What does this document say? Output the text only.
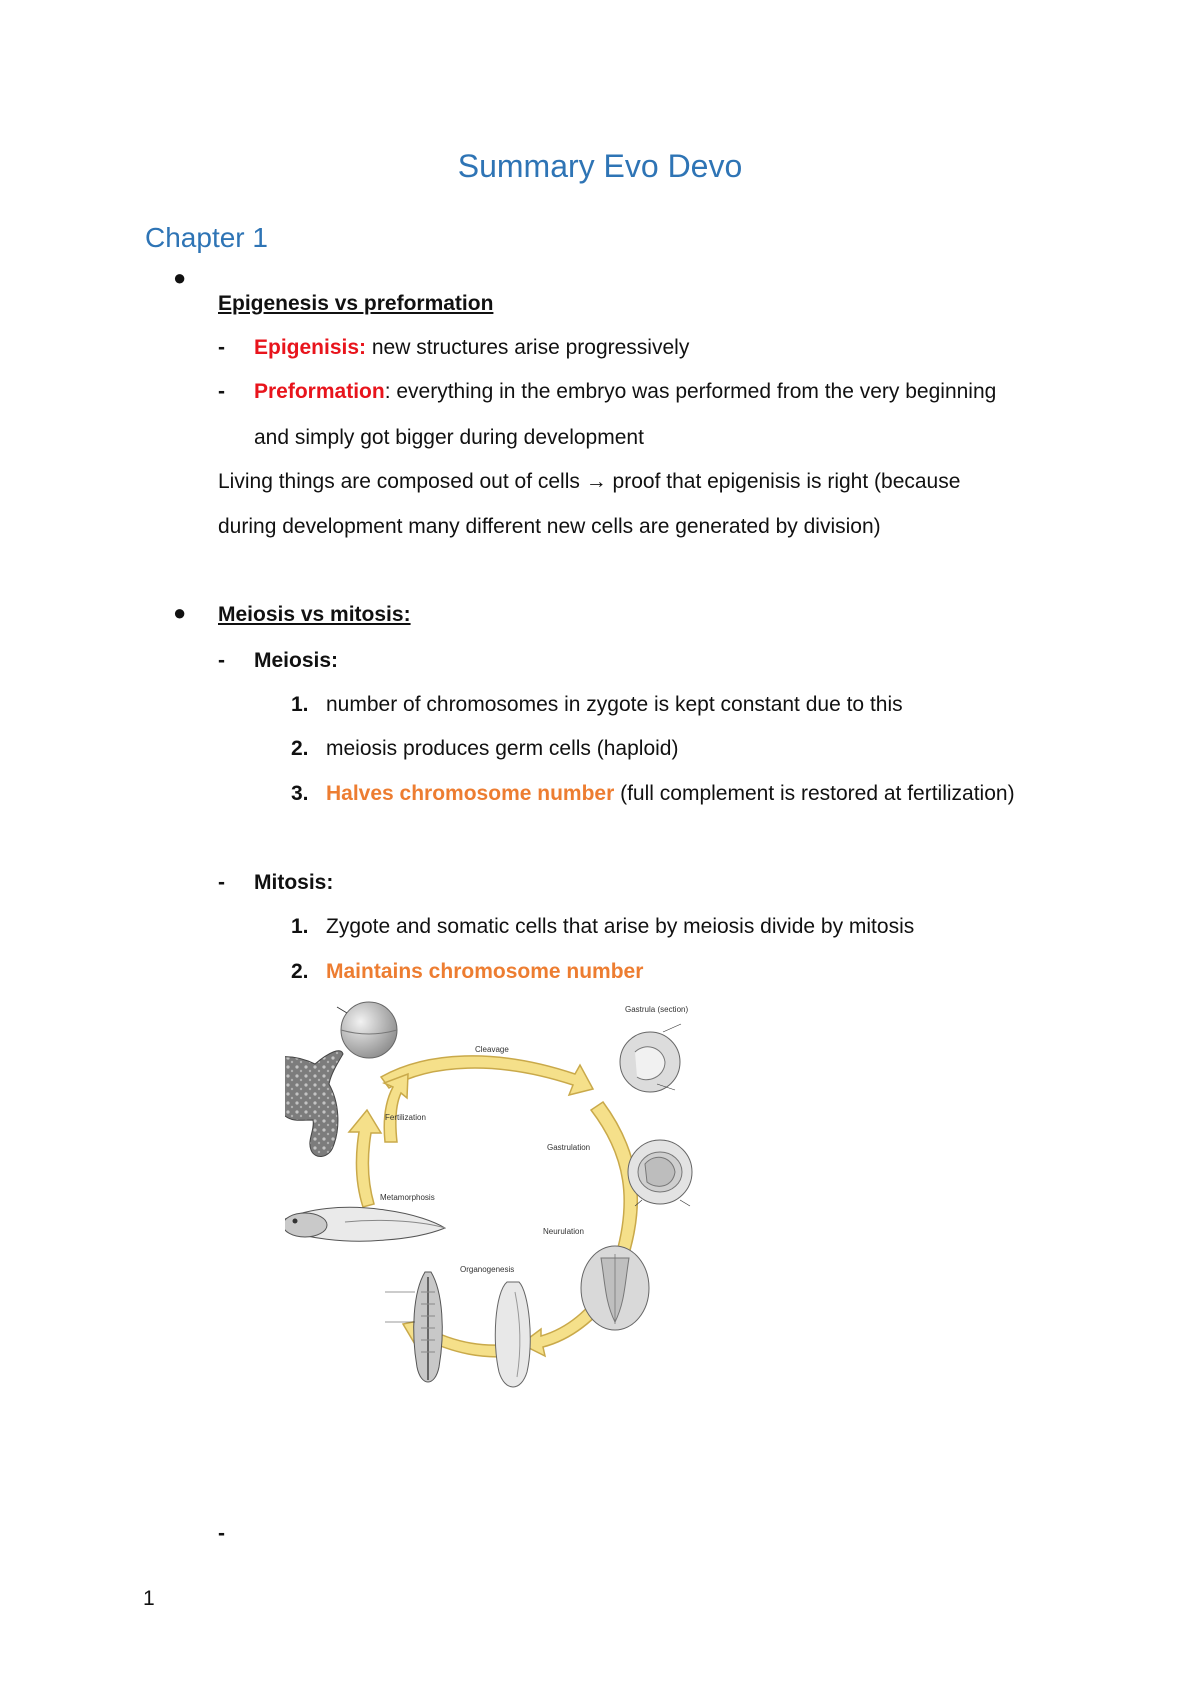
Summary Evo Devo
Chapter 1
●
Epigenesis vs preformation
- Epigenisis: new structures arise progressively
- Preformation: everything in the embryo was performed from the very beginning
and simply got bigger during development
Living things are composed out of cells → proof that epigenisis is right (because
during development many different new cells are generated by division)
● Meiosis vs mitosis:
- Meiosis:
1. number of chromosomes in zygote is kept constant due to this
2. meiosis produces germ cells (haploid)
3. Halves chromosome number (full complement is restored at fertilization)
- Mitosis:
1. Zygote and somatic cells that arise by meiosis divide by mitosis
2. Maintains chromosome number
Cleavage
Gastrula (section)
Fertilization
Gastrulation
Metamorphosis
Neurulation
Organogenesis
-
1
